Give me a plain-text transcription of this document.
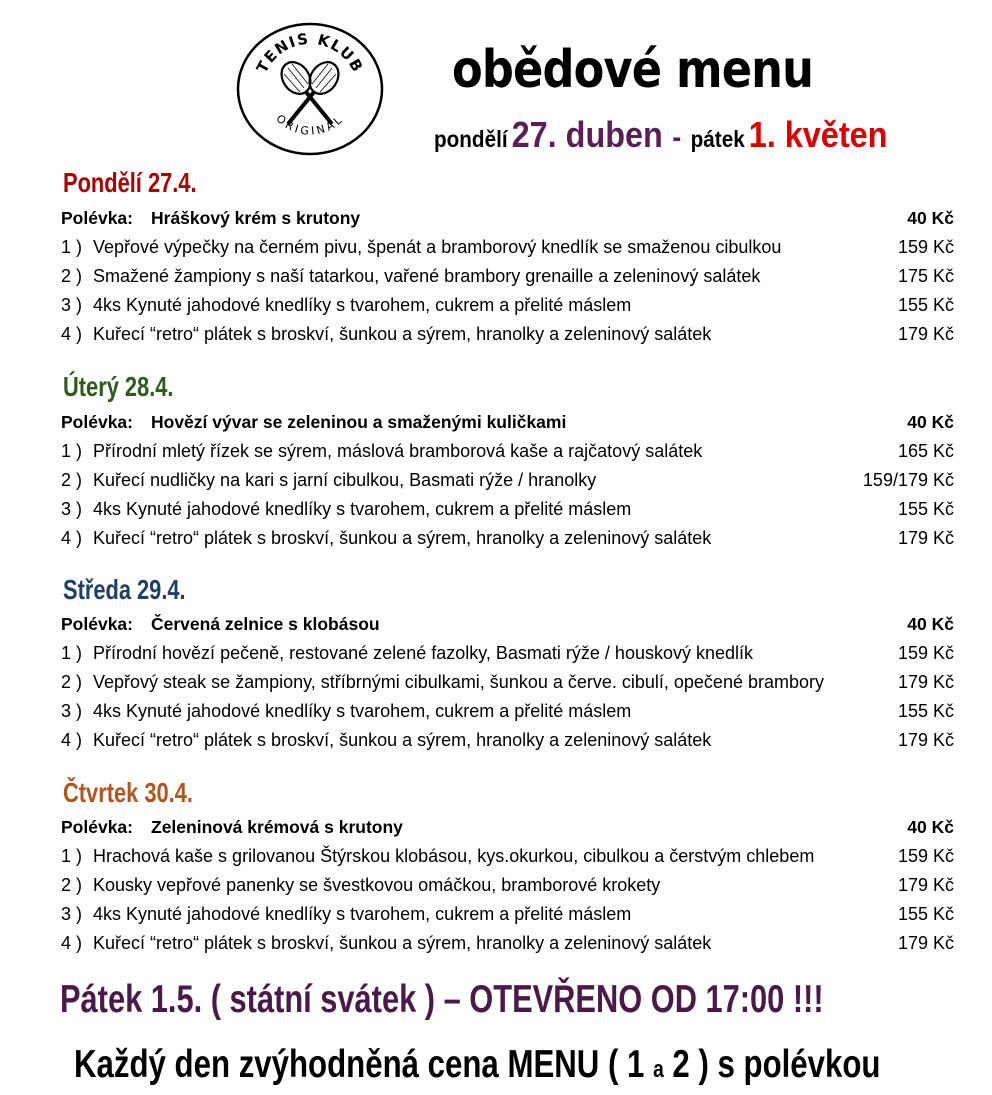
TENIS KLUB
ORIGINAL
obědové menu
pondělí 27. duben - pátek 1. květen
Pondělí 27.4.
Polévka: Hráškový krém s krutony	40 Kč
1 ) Vepřové výpečky na černém pivu, špenát a bramborový knedlík se smaženou cibulkou	159 Kč
2 ) Smažené žampiony s naší tatarkou, vařené brambory grenaille a zeleninový salátek	175 Kč
3 ) 4ks Kynuté jahodové knedlíky s tvarohem, cukrem a přelité máslem	155 Kč
4 ) Kuřecí “retro“ plátek s broskví, šunkou a sýrem, hranolky a zeleninový salátek	179 Kč
Úterý 28.4.
Polévka: Hovězí vývar se zeleninou a smaženými kuličkami	40 Kč
1 ) Přírodní mletý řízek se sýrem, máslová bramborová kaše a rajčatový salátek	165 Kč
2 ) Kuřecí nudličky na kari s jarní cibulkou, Basmati rýže / hranolky	159/179 Kč
3 ) 4ks Kynuté jahodové knedlíky s tvarohem, cukrem a přelité máslem	155 Kč
4 ) Kuřecí “retro“ plátek s broskví, šunkou a sýrem, hranolky a zeleninový salátek	179 Kč
Středa 29.4.
Polévka: Červená zelnice s klobásou	40 Kč
1 ) Přírodní hovězí pečeně, restované zelené fazolky, Basmati rýže / houskový knedlík	159 Kč
2 ) Vepřový steak se žampiony, stříbrnými cibulkami, šunkou a červe. cibulí, opečené brambory	179 Kč
3 ) 4ks Kynuté jahodové knedlíky s tvarohem, cukrem a přelité máslem	155 Kč
4 ) Kuřecí “retro“ plátek s broskví, šunkou a sýrem, hranolky a zeleninový salátek	179 Kč
Čtvrtek 30.4.
Polévka: Zeleninová krémová s krutony	40 Kč
1 ) Hrachová kaše s grilovanou Štýrskou klobásou, kys.okurkou, cibulkou a čerstvým chlebem	159 Kč
2 ) Kousky vepřové panenky se švestkovou omáčkou, bramborové krokety	179 Kč
3 ) 4ks Kynuté jahodové knedlíky s tvarohem, cukrem a přelité máslem	155 Kč
4 ) Kuřecí “retro“ plátek s broskví, šunkou a sýrem, hranolky a zeleninový salátek	179 Kč
Pátek 1.5. ( státní svátek ) – OTEVŘENO OD 17:00 !!!
Každý den zvýhodněná cena MENU ( 1 a 2 ) s polévkou
